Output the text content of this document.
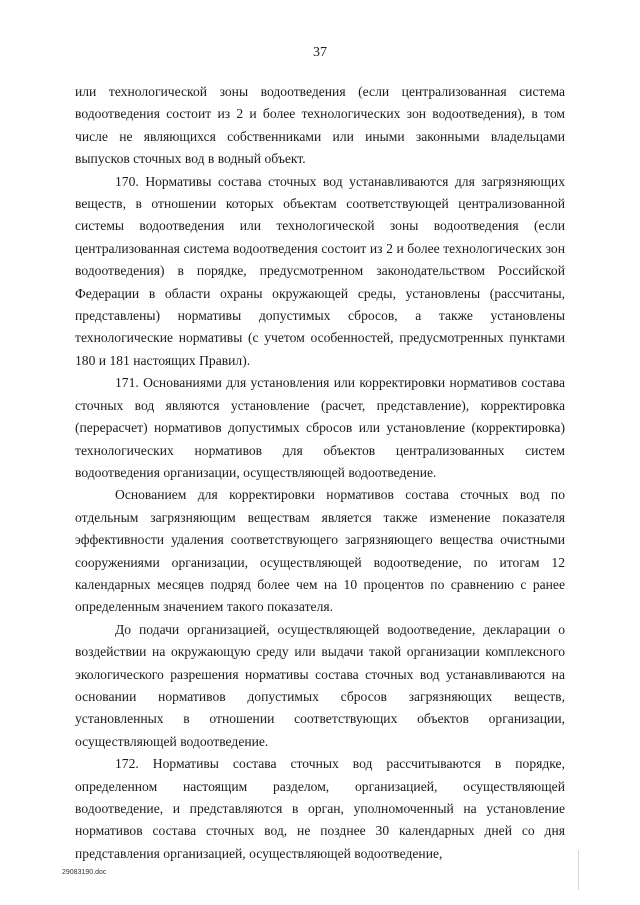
37

или технологической зоны водоотведения (если централизованная система водоотведения состоит из 2 и более технологических зон водоотведения), в том числе не являющихся собственниками или иными законными владельцами выпусков сточных вод в водный объект.

170. Нормативы состава сточных вод устанавливаются для загрязняющих веществ, в отношении которых объектам соответствующей централизованной системы водоотведения или технологической зоны водоотведения (если централизованная система водоотведения состоит из 2 и более технологических зон водоотведения) в порядке, предусмотренном законодательством Российской Федерации в области охраны окружающей среды, установлены (рассчитаны, представлены) нормативы допустимых сбросов, а также установлены технологические нормативы (с учетом особенностей, предусмотренных пунктами 180 и 181 настоящих Правил).

171. Основаниями для установления или корректировки нормативов состава сточных вод являются установление (расчет, представление), корректировка (перерасчет) нормативов допустимых сбросов или установление (корректировка) технологических нормативов для объектов централизованных систем водоотведения организации, осуществляющей водоотведение.

Основанием для корректировки нормативов состава сточных вод по отдельным загрязняющим веществам является также изменение показателя эффективности удаления соответствующего загрязняющего вещества очистными сооружениями организации, осуществляющей водоотведение, по итогам 12 календарных месяцев подряд более чем на 10 процентов по сравнению с ранее определенным значением такого показателя.

До подачи организацией, осуществляющей водоотведение, декларации о воздействии на окружающую среду или выдачи такой организации комплексного экологического разрешения нормативы состава сточных вод устанавливаются на основании нормативов допустимых сбросов загрязняющих веществ, установленных в отношении соответствующих объектов организации, осуществляющей водоотведение.

172. Нормативы состава сточных вод рассчитываются в порядке, определенном настоящим разделом, организацией, осуществляющей водоотведение, и представляются в орган, уполномоченный на установление нормативов состава сточных вод, не позднее 30 календарных дней со дня представления организацией, осуществляющей водоотведение,

29083190.doc
